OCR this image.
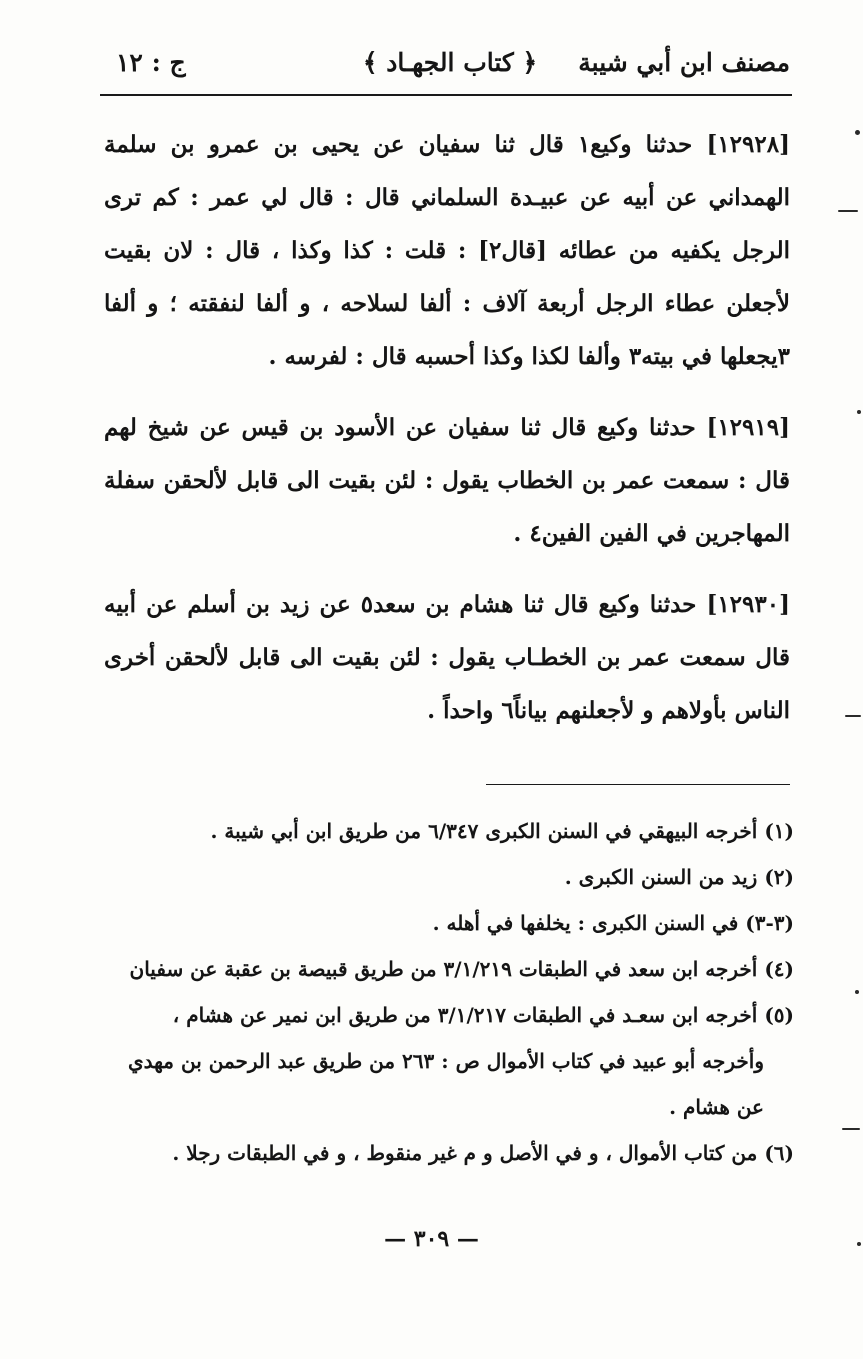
مصنف ابن أبي شيبة
﴿ كتاب الجهـاد ﴾
ج : ١٢

[١٢٩٢٨] حدثنا وكيع١ قال ثنا سفيان عن يحيى بن عمرو بن سلمة الهمداني عن أبيه عن عبيـدة السلماني قال : قال لي عمر : كم ترى الرجل يكفيه من عطائه [قال٢] : قلت : كذا وكذا ، قال : لان بقيت لأجعلن عطاء الرجل أربعة آلاف : ألفا لسلاحه ، و ألفا لنفقته ؛ و ألفا ٣يجعلها في بيته٣ وألفا لكذا وكذا أحسبه قال : لفرسه .

[١٢٩١٩] حدثنا وكيع قال ثنا سفيان عن الأسود بن قيس عن شيخ لهم قال : سمعت عمر بن الخطاب يقول : لئن بقيت الى قابل لألحقن سفلة المهاجرين في الفين الفين٤ .

[١٢٩٣٠] حدثنا وكيع قال ثنا هشام بن سعد٥ عن زيد بن أسلم عن أبيه قال سمعت عمر بن الخطـاب يقول : لئن بقيت الى قابل لألحقن أخرى الناس بأولاهم و لأجعلنهم بياناً٦ واحداً .

(١) أخرجه البيهقي في السنن الكبرى ٦/٣٤٧ من طريق ابن أبي شيبة .
(٢) زيد من السنن الكبرى .
(٣-٣) في السنن الكبرى : يخلفها في أهله .
(٤) أخرجه ابن سعد في الطبقات ٣/١/٢١٩ من طريق قبيصة بن عقبة عن سفيان
(٥) أخرجه ابن سعـد في الطبقات ٣/١/٢١٧ من طريق ابن نمير عن هشام ،
وأخرجه أبو عبيد في كتاب الأموال ص : ٢٦٣ من طريق عبد الرحمن بن مهدي عن هشام .
(٦) من كتاب الأموال ، و في الأصل و م غير منقوط ، و في الطبقات رجلا .
— ٣٠٩ —
